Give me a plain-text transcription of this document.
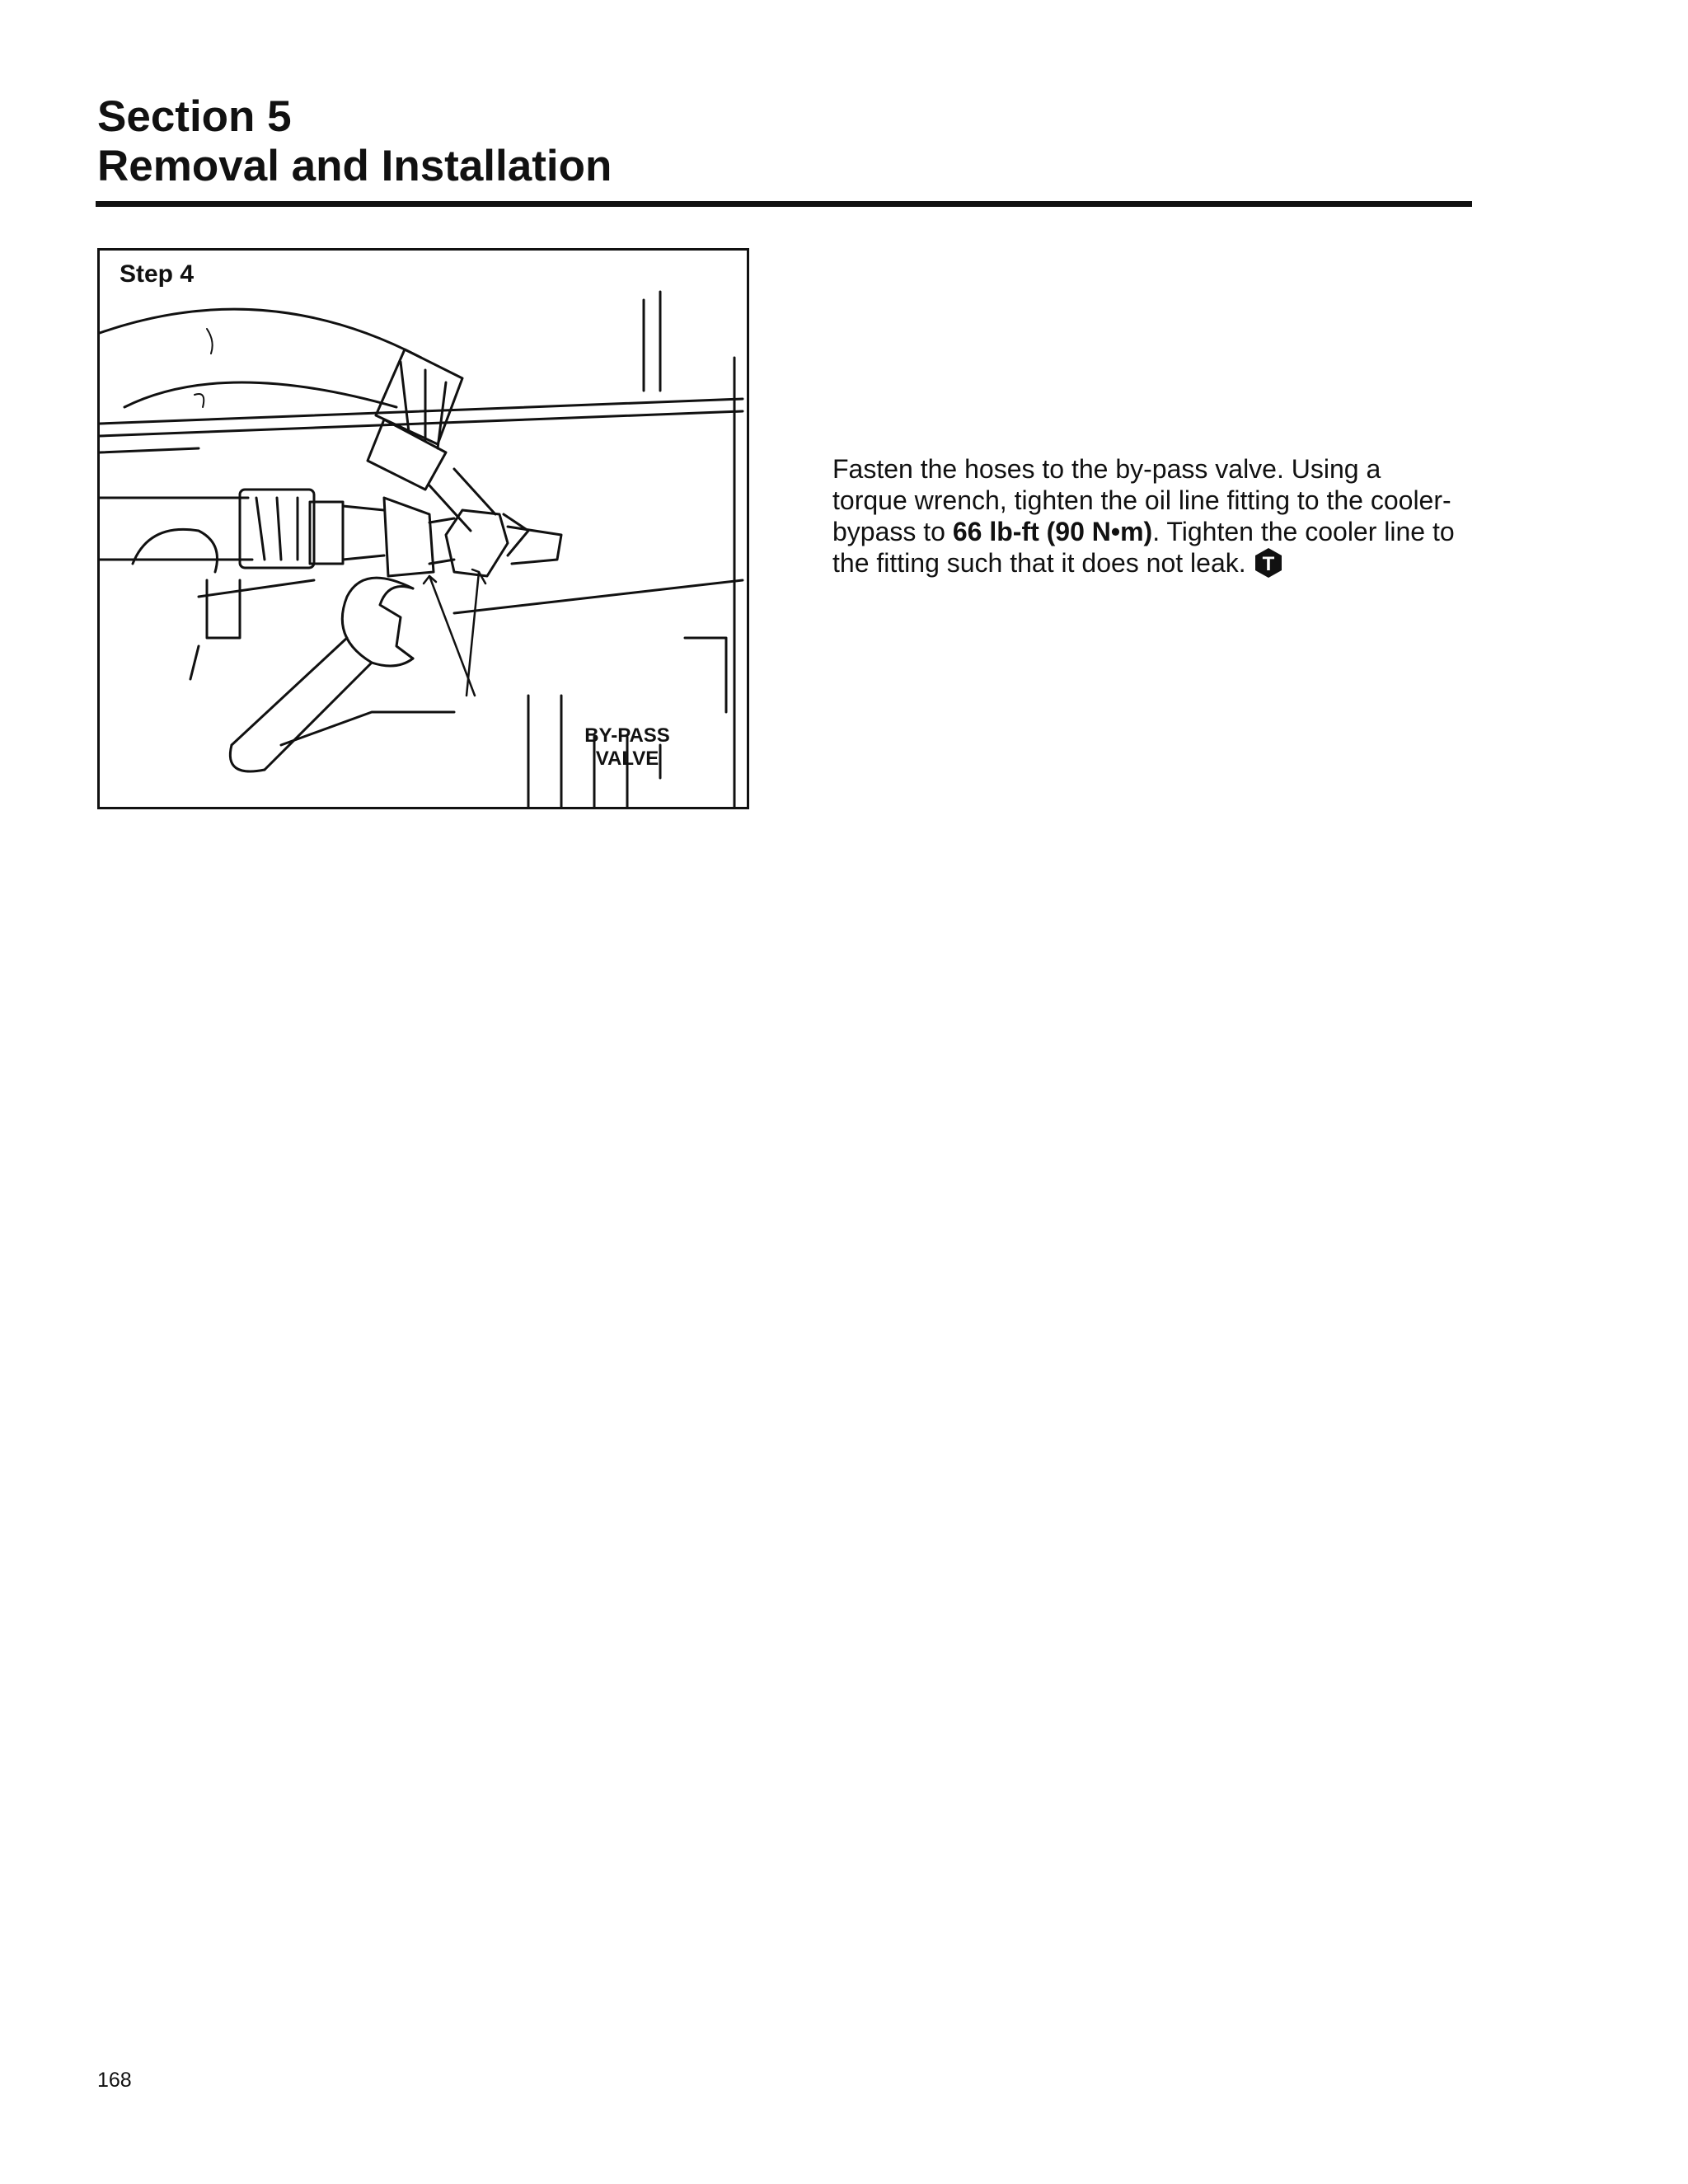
Section 5
Removal and Installation
Step 4
BY-PASS
VALVE
Fasten the hoses to the by-pass valve. Using a torque wrench, tighten the oil line fitting to the cooler-bypass to 66 lb-ft (90 N•m). Tighten the cooler line to the fitting such that it does not leak. T
168
